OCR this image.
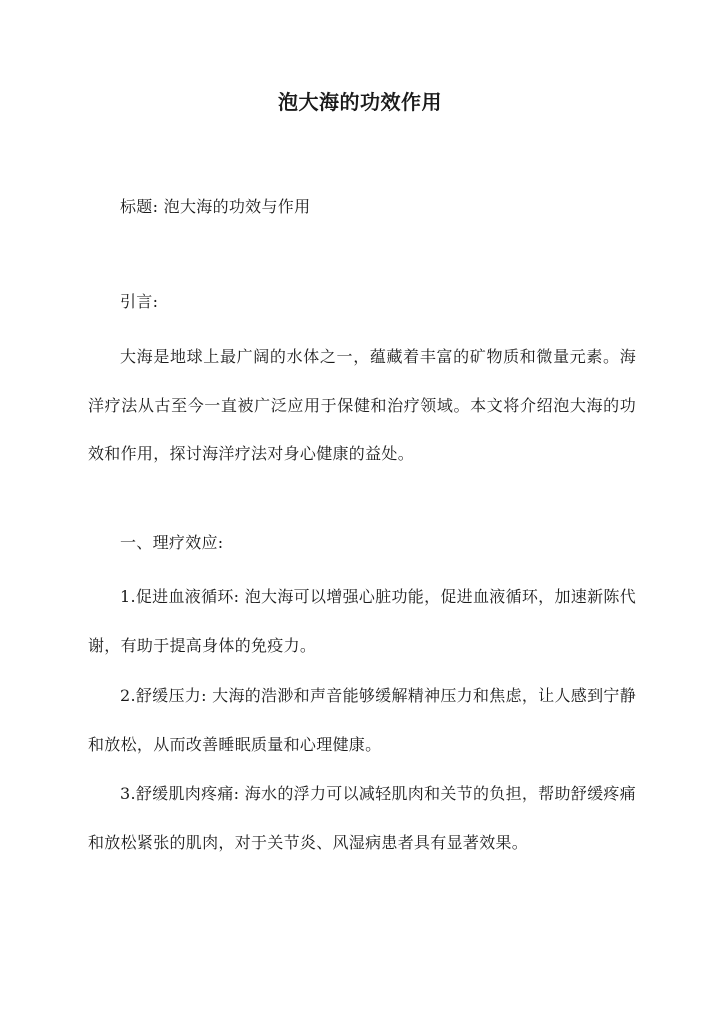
泡大海的功效作用

标题: 泡大海的功效与作用

引言:

大海是地球上最广阔的水体之一，蕴藏着丰富的矿物质和微量元素。海洋疗法从古至今一直被广泛应用于保健和治疗领域。本文将介绍泡大海的功效和作用，探讨海洋疗法对身心健康的益处。

一、理疗效应:

1.促进血液循环: 泡大海可以增强心脏功能，促进血液循环，加速新陈代谢，有助于提高身体的免疫力。

2.舒缓压力: 大海的浩渺和声音能够缓解精神压力和焦虑，让人感到宁静和放松，从而改善睡眠质量和心理健康。

3.舒缓肌肉疼痛: 海水的浮力可以减轻肌肉和关节的负担，帮助舒缓疼痛和放松紧张的肌肉，对于关节炎、风湿病患者具有显著效果。
